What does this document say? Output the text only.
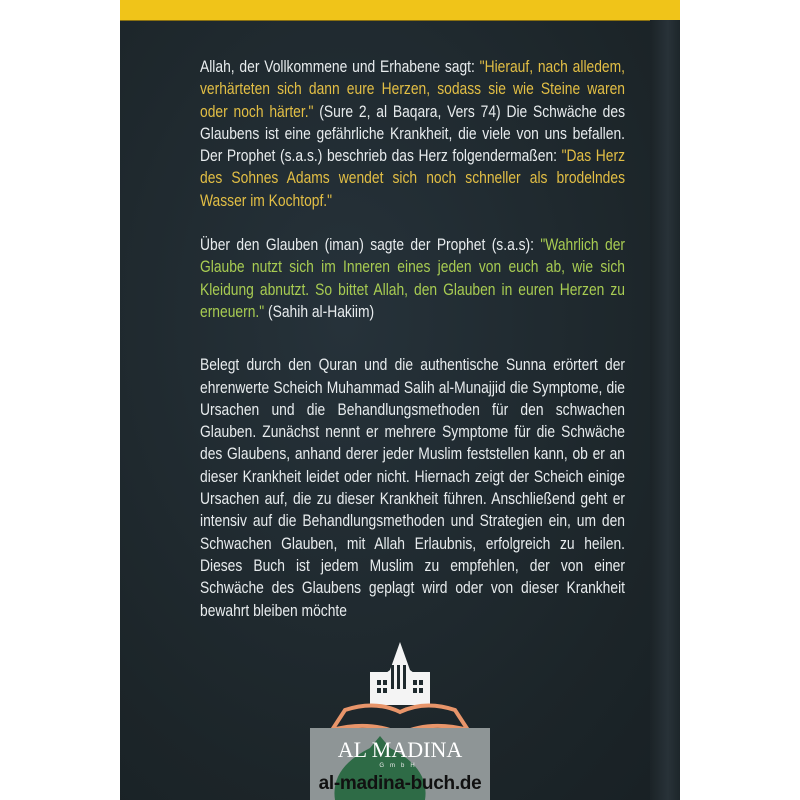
Allah, der Vollkommene und Erhabene sagt: "Hierauf, nach alledem, verhärteten sich dann eure Herzen, sodass sie wie Steine waren oder noch härter." (Sure 2, al Baqara, Vers 74) Die Schwäche des Glaubens ist eine gefährliche Krankheit, die viele von uns befallen. Der Prophet (s.a.s.) beschrieb das Herz folgendermaßen: "Das Herz des Sohnes Adams wendet sich noch schneller als brodelndes Wasser im Kochtopf."

Über den Glauben (iman) sagte der Prophet (s.a.s): "Wahrlich der Glaube nutzt sich im Inneren eines jeden von euch ab, wie sich Kleidung abnutzt. So bittet Allah, den Glauben in euren Herzen zu erneuern." (Sahih al-Hakiim)

Belegt durch den Quran und die authentische Sunna erörtert der ehrenwerte Scheich Muhammad Salih al-Munajjid die Symptome, die Ursachen und die Behandlungsmethoden für den schwachen Glauben. Zunächst nennt er mehrere Symptome für die Schwäche des Glaubens, anhand derer jeder Muslim feststellen kann, ob er an dieser Krankheit leidet oder nicht. Hiernach zeigt der Scheich einige Ursachen auf, die zu dieser Krankheit führen. Anschließend geht er intensiv auf die Behandlungsmethoden und Strategien ein, um den Schwachen Glauben, mit Allah Erlaubnis, erfolgreich zu heilen. Dieses Buch ist jedem Muslim zu empfehlen, der von einer Schwäche des Glaubens geplagt wird oder von dieser Krankheit bewahrt bleiben möchte

AL MADINA
GmbH
al-madina-buch.de
